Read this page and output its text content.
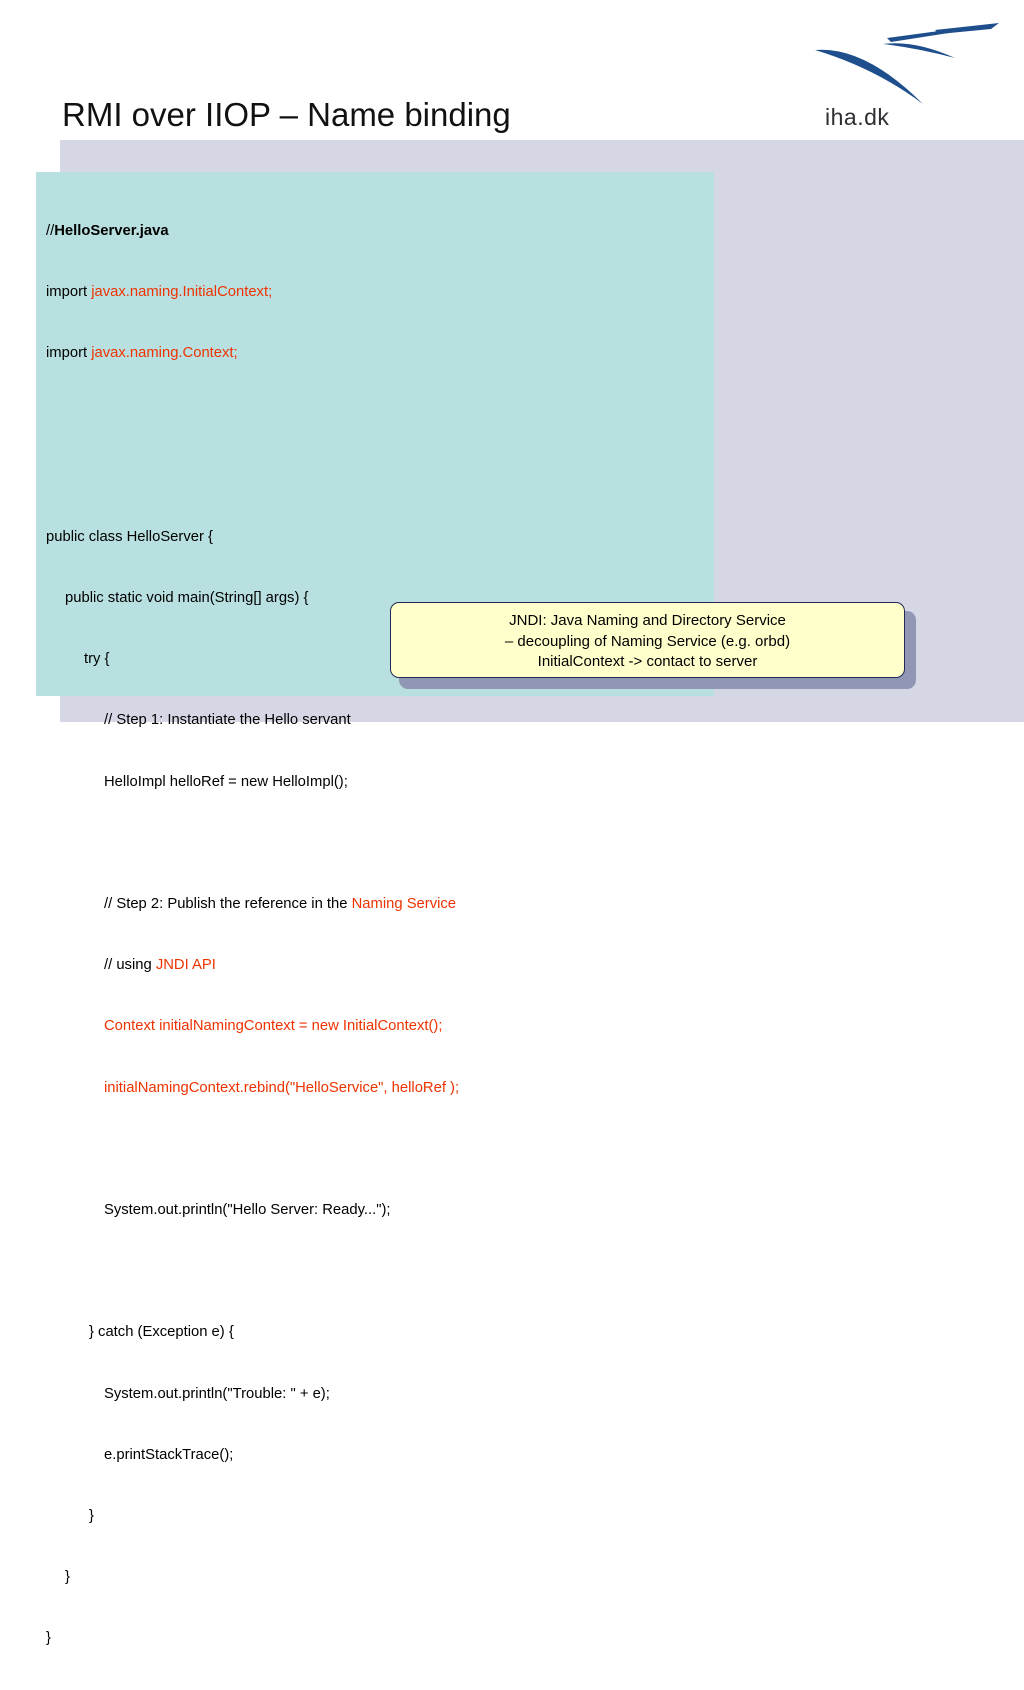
RMI over IIOP – Name binding	iha.dk

//HelloServer.java

import javax.naming.InitialContext;

import javax.naming.Context;

public class HelloServer {

public static void main(String[] args) {

try {

// Step 1: Instantiate the Hello servant

HelloImpl helloRef = new HelloImpl();

// Step 2: Publish the reference in the Naming Service

// using JNDI API

Context initialNamingContext = new InitialContext();

initialNamingContext.rebind("HelloService", helloRef );

System.out.println("Hello Server: Ready...");

} catch (Exception e) {

System.out.println("Trouble: " + e);

e.printStackTrace();

}

}

}

JNDI: Java Naming and Directory Service
– decoupling of Naming Service (e.g. orbd)
InitialContext -> contact to server
